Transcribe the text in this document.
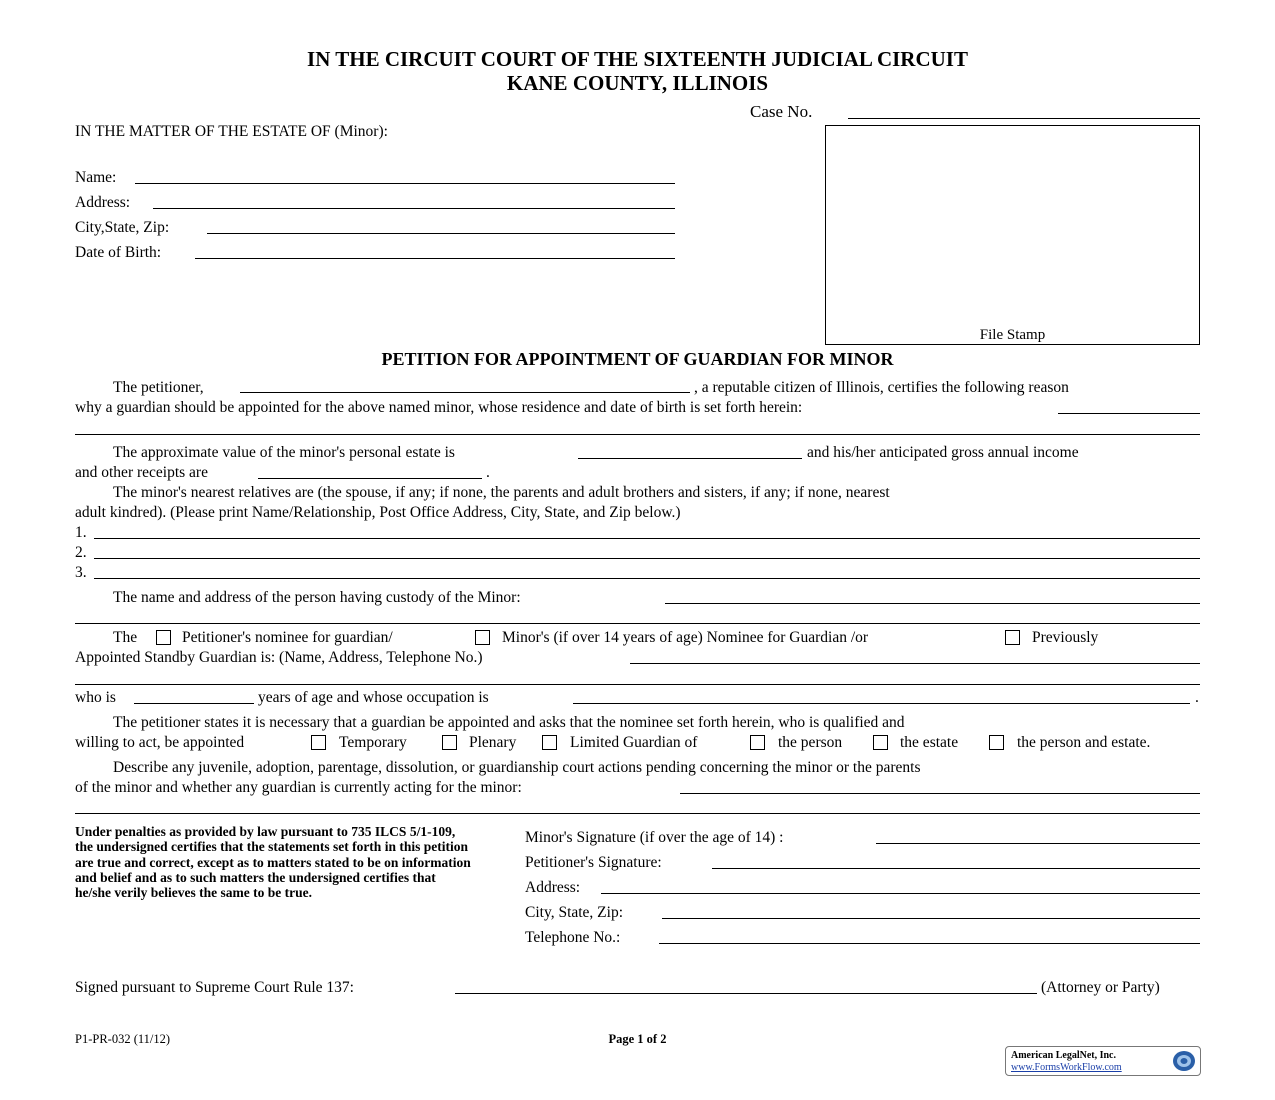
IN THE CIRCUIT COURT OF THE SIXTEENTH JUDICIAL CIRCUIT
KANE COUNTY, ILLINOIS
Case No.
File Stamp
IN THE MATTER OF THE ESTATE OF (Minor):
Name:
Address:
City,State, Zip:
Date of Birth:
PETITION FOR APPOINTMENT OF GUARDIAN FOR MINOR
The petitioner,	, a reputable citizen of Illinois, certifies the following reason
why a guardian should be appointed for the above named minor, whose residence and date of birth is set forth herein:
The approximate value of the minor's personal estate is	and his/her anticipated gross annual income
and other receipts are	.
The minor's nearest relatives are (the spouse, if any; if none, the parents and adult brothers and sisters, if any; if none, nearest
adult kindred). (Please print Name/Relationship, Post Office Address, City, State, and Zip below.)
1.
2.
3.
The name and address of the person having custody of the Minor:
The	Petitioner's nominee for guardian/	Minor's (if over 14 years of age) Nominee for Guardian /or	Previously
Appointed Standby Guardian is: (Name, Address, Telephone No.)
who is	years of age and whose occupation is	.
The petitioner states it is necessary that a guardian be appointed and asks that the nominee set forth herein, who is qualified and
willing to act, be appointed	Temporary	Plenary	Limited Guardian of	the person	the estate	the person and estate.
Describe any juvenile, adoption, parentage, dissolution, or guardianship court actions pending concerning the minor or the parents
of the minor and whether any guardian is currently acting for the minor:
Under penalties as provided by law pursuant to 735 ILCS 5/1-109, the undersigned certifies that the statements set forth in this petition are true and correct, except as to matters stated to be on information and belief and as to such matters the undersigned certifies that he/she verily believes the same to be true.
Minor's Signature (if over the age of 14) :
Petitioner's Signature:
Address:
City, State, Zip:
Telephone No.:
Signed pursuant to Supreme Court Rule 137:	(Attorney or Party)
P1-PR-032 (11/12)	Page 1 of 2
American LegalNet, Inc.
www.FormsWorkFlow.com
